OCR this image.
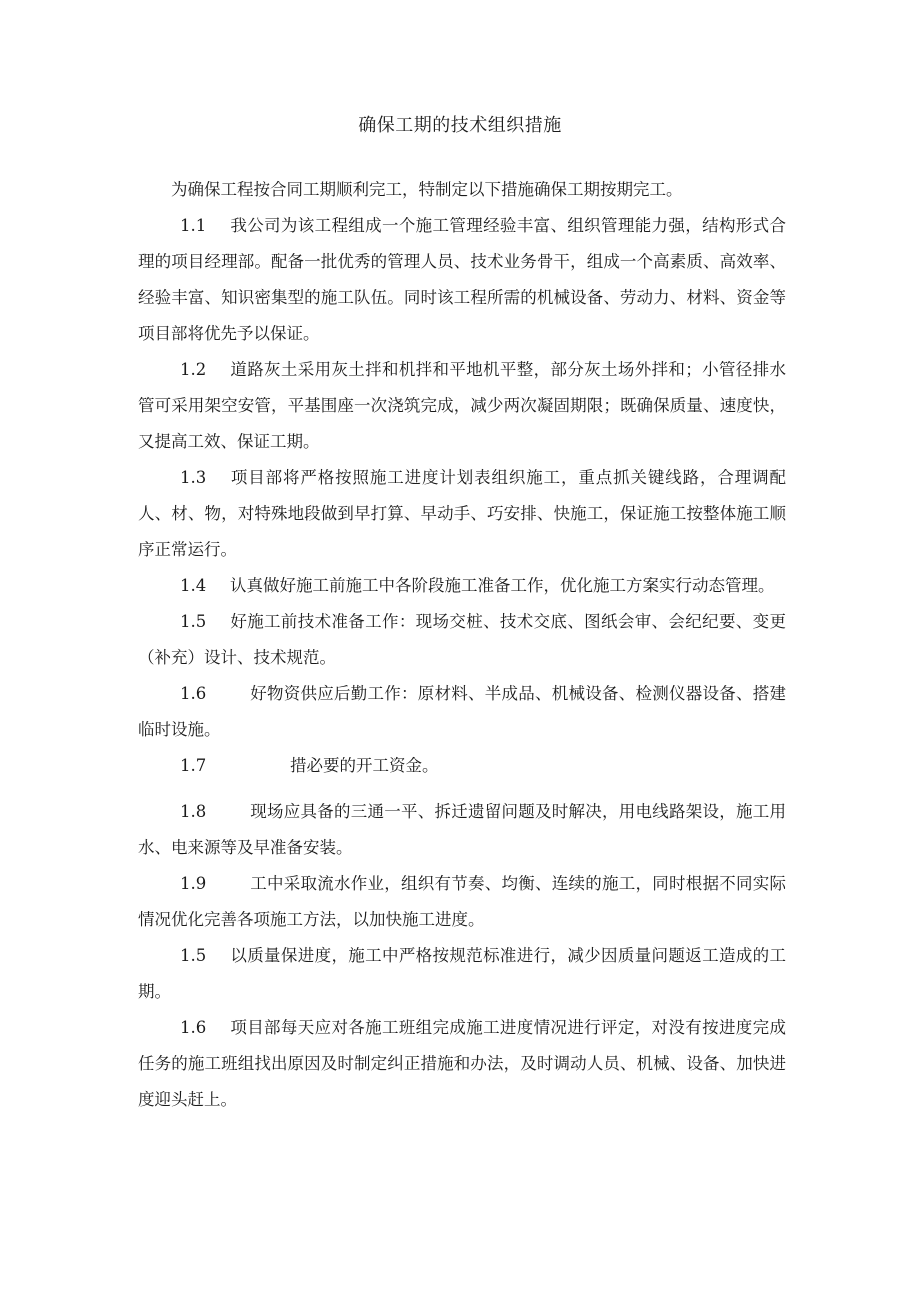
确保工期的技术组织措施

为确保工程按合同工期顺利完工，特制定以下措施确保工期按期完工。

1.1 我公司为该工程组成一个施工管理经验丰富、组织管理能力强，结构形式合理的项目经理部。配备一批优秀的管理人员、技术业务骨干，组成一个高素质、高效率、经验丰富、知识密集型的施工队伍。同时该工程所需的机械设备、劳动力、材料、资金等项目部将优先予以保证。

1.2 道路灰土采用灰土拌和机拌和平地机平整，部分灰土场外拌和；小管径排水管可采用架空安管，平基围座一次浇筑完成，减少两次凝固期限；既确保质量、速度快，又提高工效、保证工期。

1.3 项目部将严格按照施工进度计划表组织施工，重点抓关键线路，合理调配人、材、物，对特殊地段做到早打算、早动手、巧安排、快施工，保证施工按整体施工顺序正常运行。

1.4 认真做好施工前施工中各阶段施工准备工作，优化施工方案实行动态管理。

1.5 好施工前技术准备工作：现场交桩、技术交底、图纸会审、会纪纪要、变更（补充）设计、技术规范。

1.6	好物资供应后勤工作：原材料、半成品、机械设备、检测仪器设备、搭建临时设施。

1.7	措必要的开工资金。

1.8	现场应具备的三通一平、拆迁遗留问题及时解决，用电线路架设，施工用水、电来源等及早准备安装。

1.9	工中采取流水作业，组织有节奏、均衡、连续的施工，同时根据不同实际情况优化完善各项施工方法，以加快施工进度。

1.5 以质量保进度，施工中严格按规范标准进行，减少因质量问题返工造成的工期。

1.6 项目部每天应对各施工班组完成施工进度情况进行评定，对没有按进度完成任务的施工班组找出原因及时制定纠正措施和办法，及时调动人员、机械、设备、加快进度迎头赶上。
